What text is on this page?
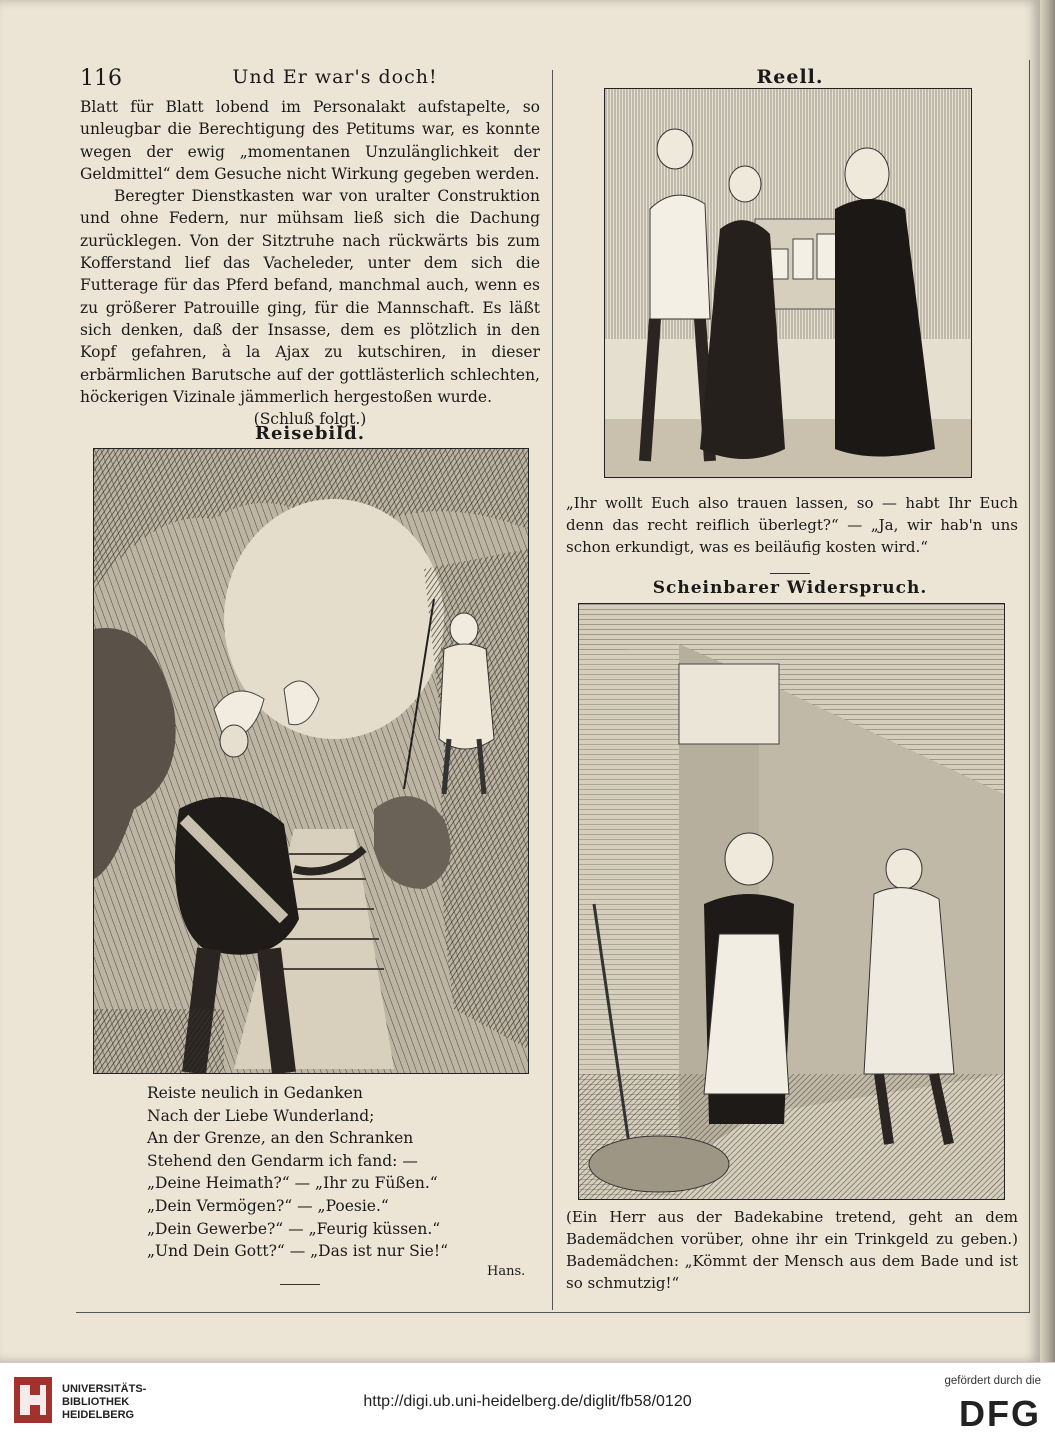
116	Und Er war's doch!

Blatt für Blatt lobend im Personalakt aufstapelte, so unleugbar die Berechtigung des Petitums war, es konnte wegen der ewig „momentanen Unzulänglichkeit der Geldmittel“ dem Gesuche nicht Wirkung gegeben werden.

Beregter Dienstkasten war von uralter Construktion und ohne Federn, nur mühsam ließ sich die Dachung zurücklegen. Von der Sitztruhe nach rückwärts bis zum Kofferstand lief das Vacheleder, unter dem sich die Futterage für das Pferd befand, manchmal auch, wenn es zu größerer Patrouille ging, für die Mannschaft. Es läßt sich denken, daß der Insasse, dem es plötzlich in den Kopf gefahren, à la Ajax zu kutschiren, in dieser erbärmlichen Barutsche auf der gottlästerlich schlechten, höckerigen Vizinale jämmerlich hergestoßen wurde.

(Schluß folgt.)

Reisebild.
Reiste neulich in Gedanken
Nach der Liebe Wunderland;
An der Grenze, an den Schranken
Stehend den Gendarm ich fand: —
„Deine Heimath?“ — „Ihr zu Füßen.“
„Dein Vermögen?“ — „Poesie.“
„Dein Gewerbe?“ — „Feurig küssen.“
„Und Dein Gott?“ — „Das ist nur Sie!“
Hans.
Reell.
„Ihr wollt Euch also trauen lassen, so — habt Ihr Euch denn das recht reiflich überlegt?“ — „Ja, wir hab'n uns schon erkundigt, was es beiläufig kosten wird.“
Scheinbarer Widerspruch.
(Ein Herr aus der Badekabine tretend, geht an dem Bademädchen vorüber, ohne ihr ein Trinkgeld zu geben.) Bademädchen: „Kömmt der Mensch aus dem Bade und ist so schmutzig!“
UNIVERSITÄTS-
BIBLIOTHEK
HEIDELBERG
http://digi.ub.uni-heidelberg.de/diglit/fb58/0120
gefördert durch die
DFG
